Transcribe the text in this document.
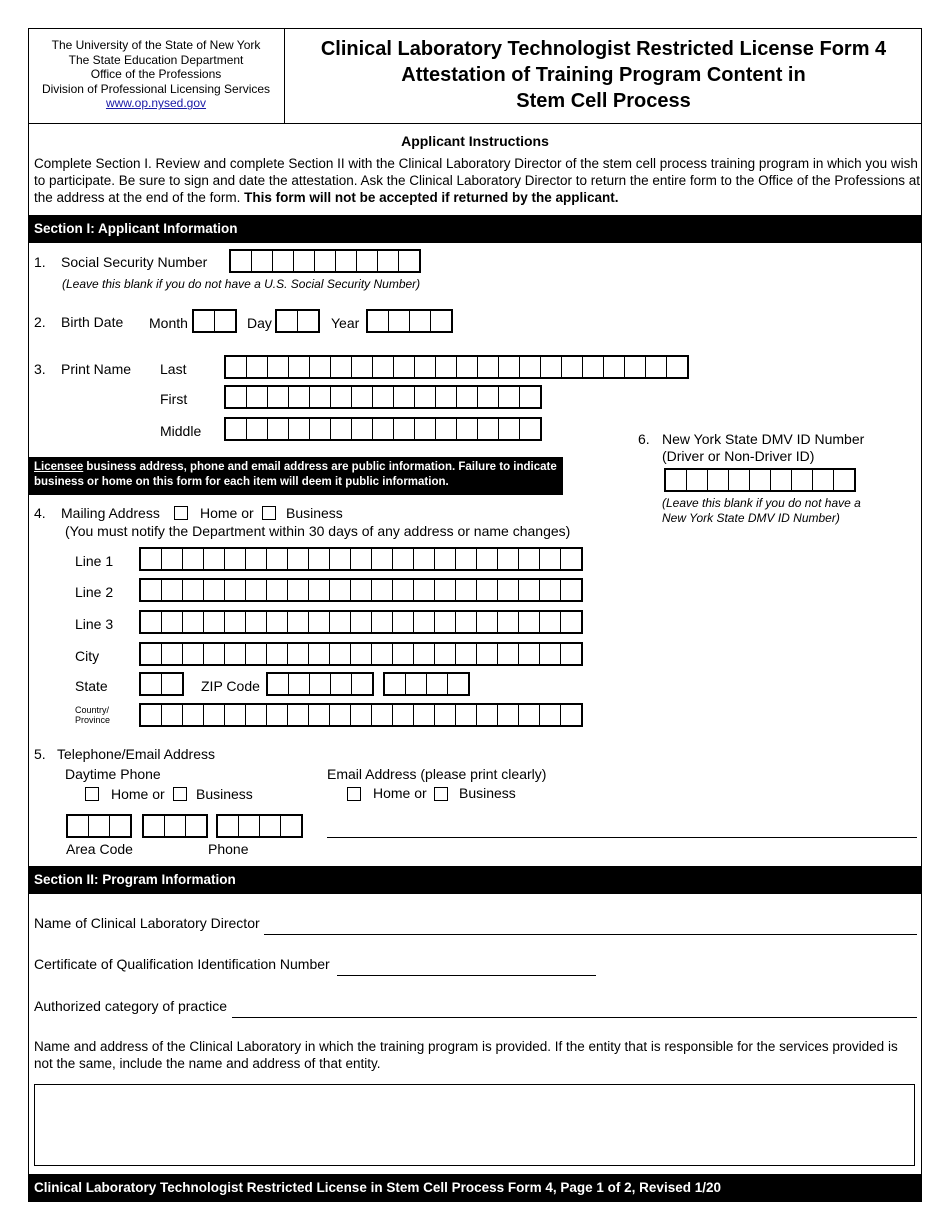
The University of the State of New York
The State Education Department
Office of the Professions
Division of Professional Licensing Services
www.op.nysed.gov
Clinical Laboratory Technologist Restricted License Form 4
Attestation of Training Program Content in
Stem Cell Process
Applicant Instructions
Complete Section I. Review and complete Section II with the Clinical Laboratory Director of the stem cell process training program in which you wish to participate. Be sure to sign and date the attestation. Ask the Clinical Laboratory Director to return the entire form to the Office of the Professions at the address at the end of the form. This form will not be accepted if returned by the applicant.
Section I: Applicant Information
1. Social Security Number
(Leave this blank if you do not have a U.S. Social Security Number)
2. Birth Date Month	Day	Year
3. Print Name Last
First
Middle	6. New York State DMV ID Number
(Driver or Non-Driver ID)
(Leave this blank if you do not have a
New York State DMV ID Number)
Licensee business address, phone and email address are public information. Failure to indicate business or home on this form for each item will deem it public information.
4. Mailing Address	Home or Business
(You must notify the Department within 30 days of any address or name changes)
Line 1
Line 2
Line 3
City
State	ZIP Code
Country/
Province
5. Telephone/Email Address
Daytime Phone
Home or Business
Email Address (please print clearly)
Home or Business
Area Code	Phone
Section II: Program Information
Name of Clinical Laboratory Director
Certificate of Qualification Identification Number
Authorized category of practice
Name and address of the Clinical Laboratory in which the training program is provided. If the entity that is responsible for the services provided is not the same, include the name and address of that entity.
Clinical Laboratory Technologist Restricted License in Stem Cell Process Form 4, Page 1 of 2, Revised 1/20
